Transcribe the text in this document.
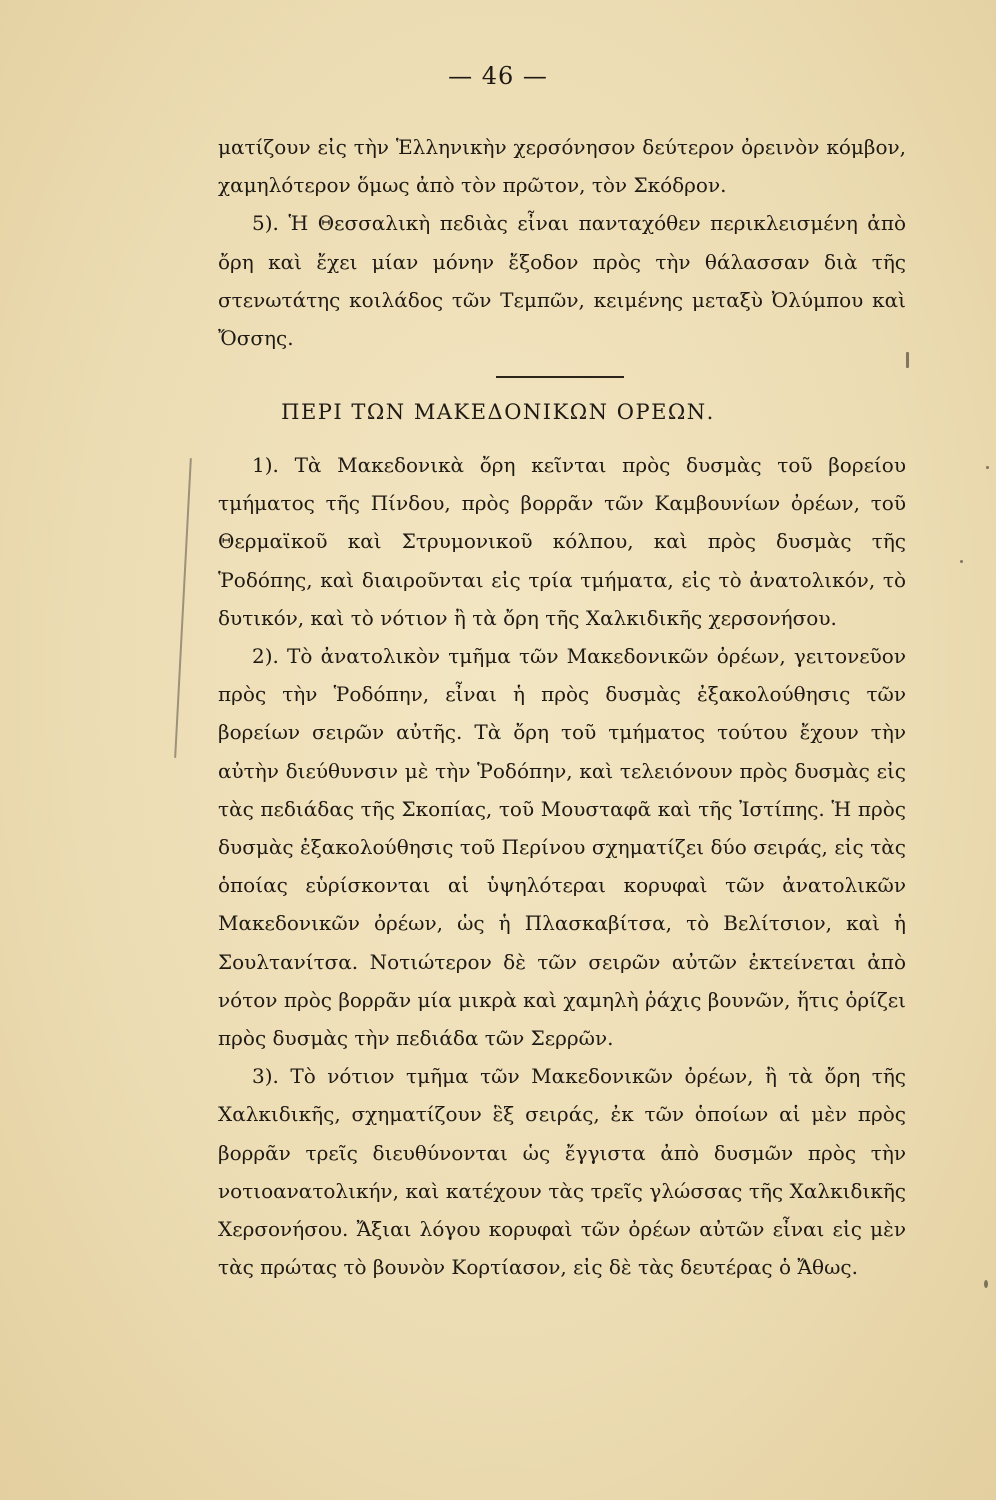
— 46 —

ματίζουν εἰς τὴν Ἑλληνικὴν χερσόνησον δεύτερον ὀρεινὸν κόμβον, χαμηλότερον ὅμως ἀπὸ τὸν πρῶτον, τὸν Σκόδρον.

5). Ἡ Θεσσαλικὴ πεδιὰς εἶναι πανταχόθεν περικλεισμένη ἀπὸ ὄρη καὶ ἔχει μίαν μόνην ἔξοδον πρὸς τὴν θάλασσαν διὰ τῆς στενωτάτης κοιλάδος τῶν Τεμπῶν, κειμένης μεταξὺ Ὀλύμπου καὶ Ὄσσης.

ΠΕΡΙ ΤΩΝ ΜΑΚΕΔΟΝΙΚΩΝ ΟΡΕΩΝ.

1). Τὰ Μακεδονικὰ ὄρη κεῖνται πρὸς δυσμὰς τοῦ βορείου τμήματος τῆς Πίνδου, πρὸς βορρᾶν τῶν Καμβουνίων ὀρέων, τοῦ Θερμαϊκοῦ καὶ Στρυμονικοῦ κόλπου, καὶ πρὸς δυσμὰς τῆς Ῥοδόπης, καὶ διαιροῦνται εἰς τρία τμήματα, εἰς τὸ ἀνατολικόν, τὸ δυτικόν, καὶ τὸ νότιον ἢ τὰ ὄρη τῆς Χαλκιδικῆς χερσονήσου.

2). Τὸ ἀνατολικὸν τμῆμα τῶν Μακεδονικῶν ὀρέων, γειτονεῦον πρὸς τὴν Ῥοδόπην, εἶναι ἡ πρὸς δυσμὰς ἐξακολούθησις τῶν βορείων σειρῶν αὐτῆς. Τὰ ὄρη τοῦ τμήματος τούτου ἔχουν τὴν αὐτὴν διεύθυνσιν μὲ τὴν Ῥοδόπην, καὶ τελειόνουν πρὸς δυσμὰς εἰς τὰς πεδιάδας τῆς Σκοπίας, τοῦ Μουσταφᾶ καὶ τῆς Ἰστίπης. Ἡ πρὸς δυσμὰς ἐξακολούθησις τοῦ Περίνου σχηματίζει δύο σειράς, εἰς τὰς ὁποίας εὑρίσκονται αἱ ὑψηλότεραι κορυφαὶ τῶν ἀνατολικῶν Μακεδονικῶν ὀρέων, ὡς ἡ Πλασκαβίτσα, τὸ Βελίτσιον, καὶ ἡ Σουλτανίτσα. Νοτιώτερον δὲ τῶν σειρῶν αὐτῶν ἐκτείνεται ἀπὸ νότον πρὸς βορρᾶν μία μικρὰ καὶ χαμηλὴ ῥάχις βουνῶν, ἥτις ὁρίζει πρὸς δυσμὰς τὴν πεδιάδα τῶν Σερρῶν.

3). Τὸ νότιον τμῆμα τῶν Μακεδονικῶν ὀρέων, ἢ τὰ ὄρη τῆς Χαλκιδικῆς, σχηματίζουν ἓξ σειράς, ἐκ τῶν ὁποίων αἱ μὲν πρὸς βορρᾶν τρεῖς διευθύνονται ὡς ἔγγιστα ἀπὸ δυσμῶν πρὸς τὴν νοτιοανατολικήν, καὶ κατέχουν τὰς τρεῖς γλώσσας τῆς Χαλκιδικῆς Χερσονήσου. Ἄξιαι λόγου κορυφαὶ τῶν ὀρέων αὐτῶν εἶναι εἰς μὲν τὰς πρώτας τὸ βουνὸν Κορτίασον, εἰς δὲ τὰς δευτέρας ὁ Ἄθως.
